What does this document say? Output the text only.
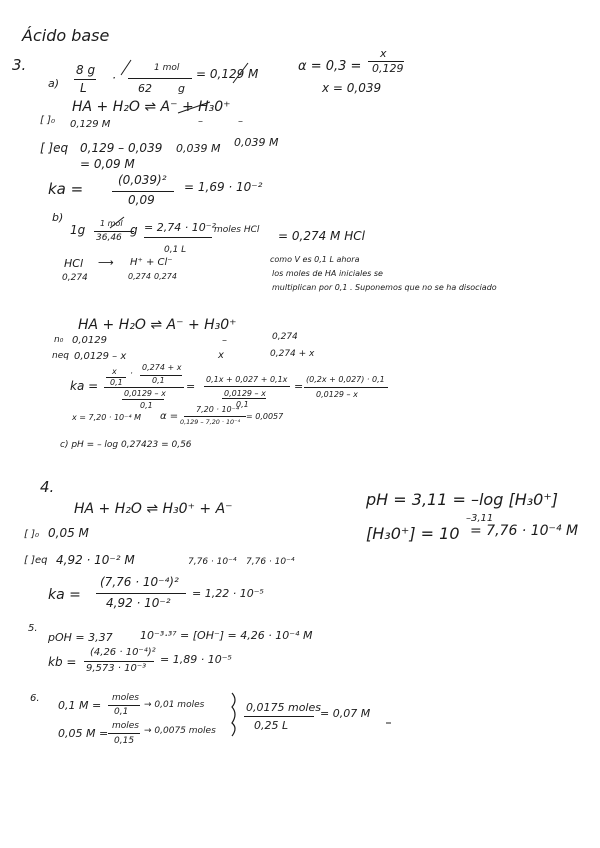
Ácido base
3.
a)
8 g
L
·
1 mol
62 g
= 0,129 M	α = 0,3 =
x
0,129
x = 0,039
HA + H₂O ⇌ A⁻ + H₃0⁺
[ ]₀ 0,129 M	–	–
[ ]eq 0,129 – 0,039 0,039 M 0,039 M
= 0,09 M
ka =	(0,039)²
0,09
= 1,69 · 10⁻²
b)
1g 1 mol
36,46
g = 2,74 · 10⁻²
0,1 L
moles HCl = 0,274 M HCl
HCl ⟶ H⁺ + Cl⁻
0,274	0,274 0,274
como V es 0,1 L ahora
los moles de HA iniciales se
multiplican por 0,1 . Suponemos que no se ha disociado
HA + H₂O ⇌ A⁻ + H₃0⁺
n₀ 0,0129	–	0,274
neq 0,0129 – x	x	0,274 + x
ka =
x
0,1
·
0,274 + x
0,1
0,0129 – x
0,1
=
0,1x + 0,027 + 0,1x
0,0129 – x
0,1
=
(0,2x + 0,027) · 0,1
0,0129 – x
x = 7,20 · 10⁻⁴ M α =
7,20 · 10⁻⁴
0,129 – 7,20 · 10⁻⁴
= 0,0057
c) pH = – log 0,27423 = 0,56
4.
HA + H₂O ⇌ H₃0⁺ + A⁻	pH = 3,11 = –log [H₃0⁺]
[H₃0⁺] = 10
–3,11
= 7,76 · 10⁻⁴ M
[ ]₀ 0,05 M
[ ]eq 4,92 · 10⁻² M	7,76 · 10⁻⁴ 7,76 · 10⁻⁴
ka =
(7,76 · 10⁻⁴)²
4,92 · 10⁻²
= 1,22 · 10⁻⁵
5.
pOH = 3,37 10⁻³·³⁷ = [OH⁻] = 4,26 · 10⁻⁴ M
kb =
(4,26 · 10⁻⁴)²
9,573 · 10⁻³
= 1,89 · 10⁻⁵
6.
0,1 M =
moles
0,1
→ 0,01 moles
0,05 M =
moles
0,15
→ 0,0075 moles
0,0175 moles
0,25 L
= 0,07 M
